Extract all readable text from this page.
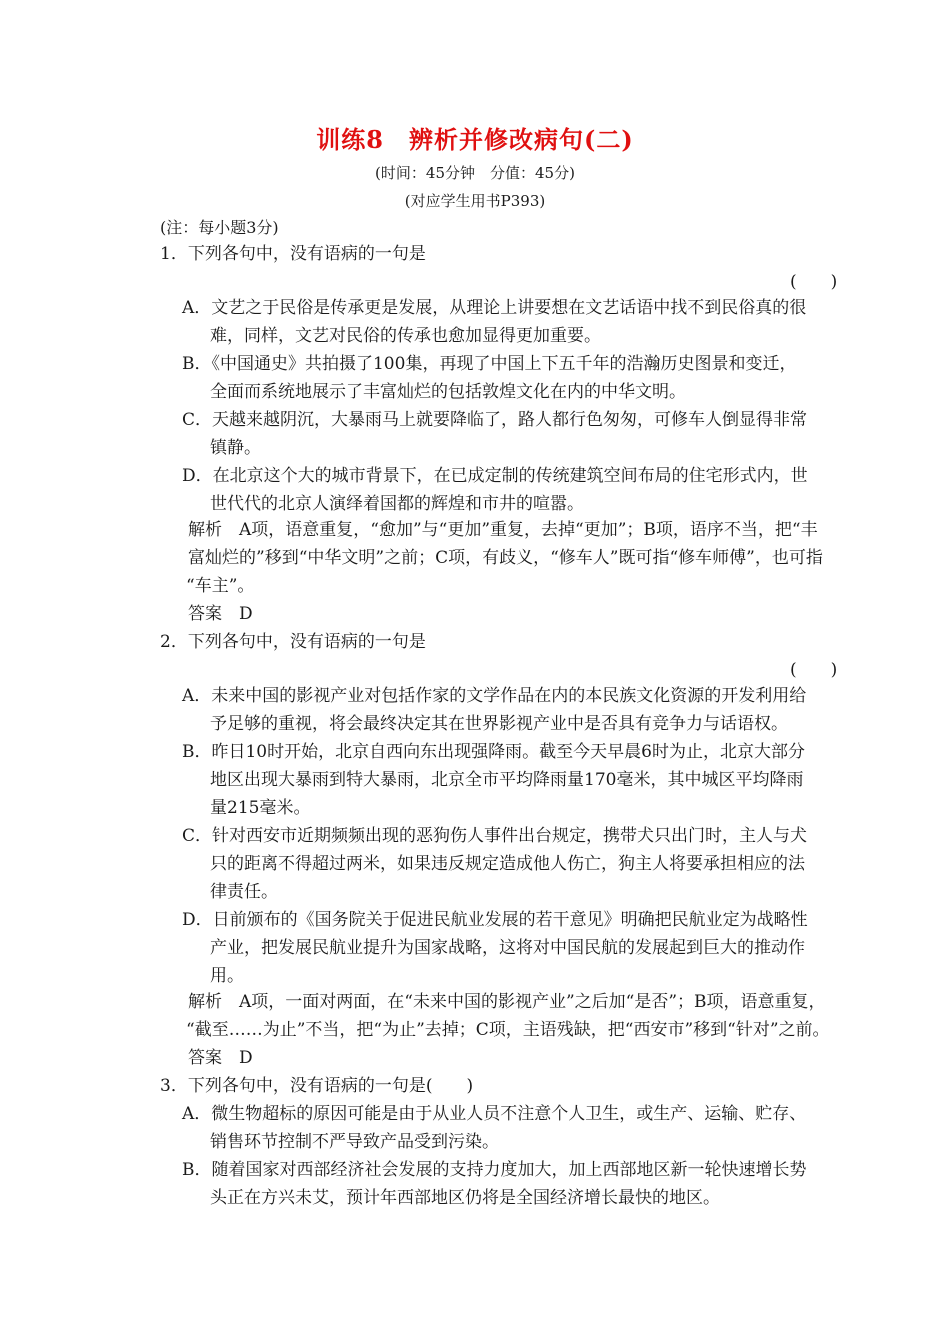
训练8　辨析并修改病句(二)
(时间：45分钟　分值：45分)
(对应学生用书P393)
(注：每小题3分)
1．下列各句中，没有语病的一句是
(　　)
A．文艺之于民俗是传承更是发展，从理论上讲要想在文艺话语中找不到民俗真的很
难，同样，文艺对民俗的传承也愈加显得更加重要。
B．《中国通史》共拍摄了100集，再现了中国上下五千年的浩瀚历史图景和变迁，
全面而系统地展示了丰富灿烂的包括敦煌文化在内的中华文明。
C．天越来越阴沉，大暴雨马上就要降临了，路人都行色匆匆，可修车人倒显得非常
镇静。
D．在北京这个大的城市背景下，在已成定制的传统建筑空间布局的住宅形式内，世
世代代的北京人演绎着国都的辉煌和市井的喧嚣。
解析　A项，语意重复，“愈加”与“更加”重复，去掉“更加”；B项，语序不当，把“丰
富灿烂的”移到“中华文明”之前；C项，有歧义，“修车人”既可指“修车师傅”，也可指
“车主”。
答案　D
2．下列各句中，没有语病的一句是
(　　)
A．未来中国的影视产业对包括作家的文学作品在内的本民族文化资源的开发利用给
予足够的重视，将会最终决定其在世界影视产业中是否具有竞争力与话语权。
B．昨日10时开始，北京自西向东出现强降雨。截至今天早晨6时为止，北京大部分
地区出现大暴雨到特大暴雨，北京全市平均降雨量170毫米，其中城区平均降雨
量215毫米。
C．针对西安市近期频频出现的恶狗伤人事件出台规定，携带犬只出门时，主人与犬
只的距离不得超过两米，如果违反规定造成他人伤亡，狗主人将要承担相应的法
律责任。
D．日前颁布的《国务院关于促进民航业发展的若干意见》明确把民航业定为战略性
产业，把发展民航业提升为国家战略，这将对中国民航的发展起到巨大的推动作
用。
解析　A项，一面对两面，在“未来中国的影视产业”之后加“是否”；B项，语意重复，
“截至……为止”不当，把“为止”去掉；C项，主语残缺，把“西安市”移到“针对”之前。
答案　D
3．下列各句中，没有语病的一句是(　　)
A．微生物超标的原因可能是由于从业人员不注意个人卫生，或生产、运输、贮存、
销售环节控制不严导致产品受到污染。
B．随着国家对西部经济社会发展的支持力度加大，加上西部地区新一轮快速增长势
头正在方兴未艾，预计年西部地区仍将是全国经济增长最快的地区。
